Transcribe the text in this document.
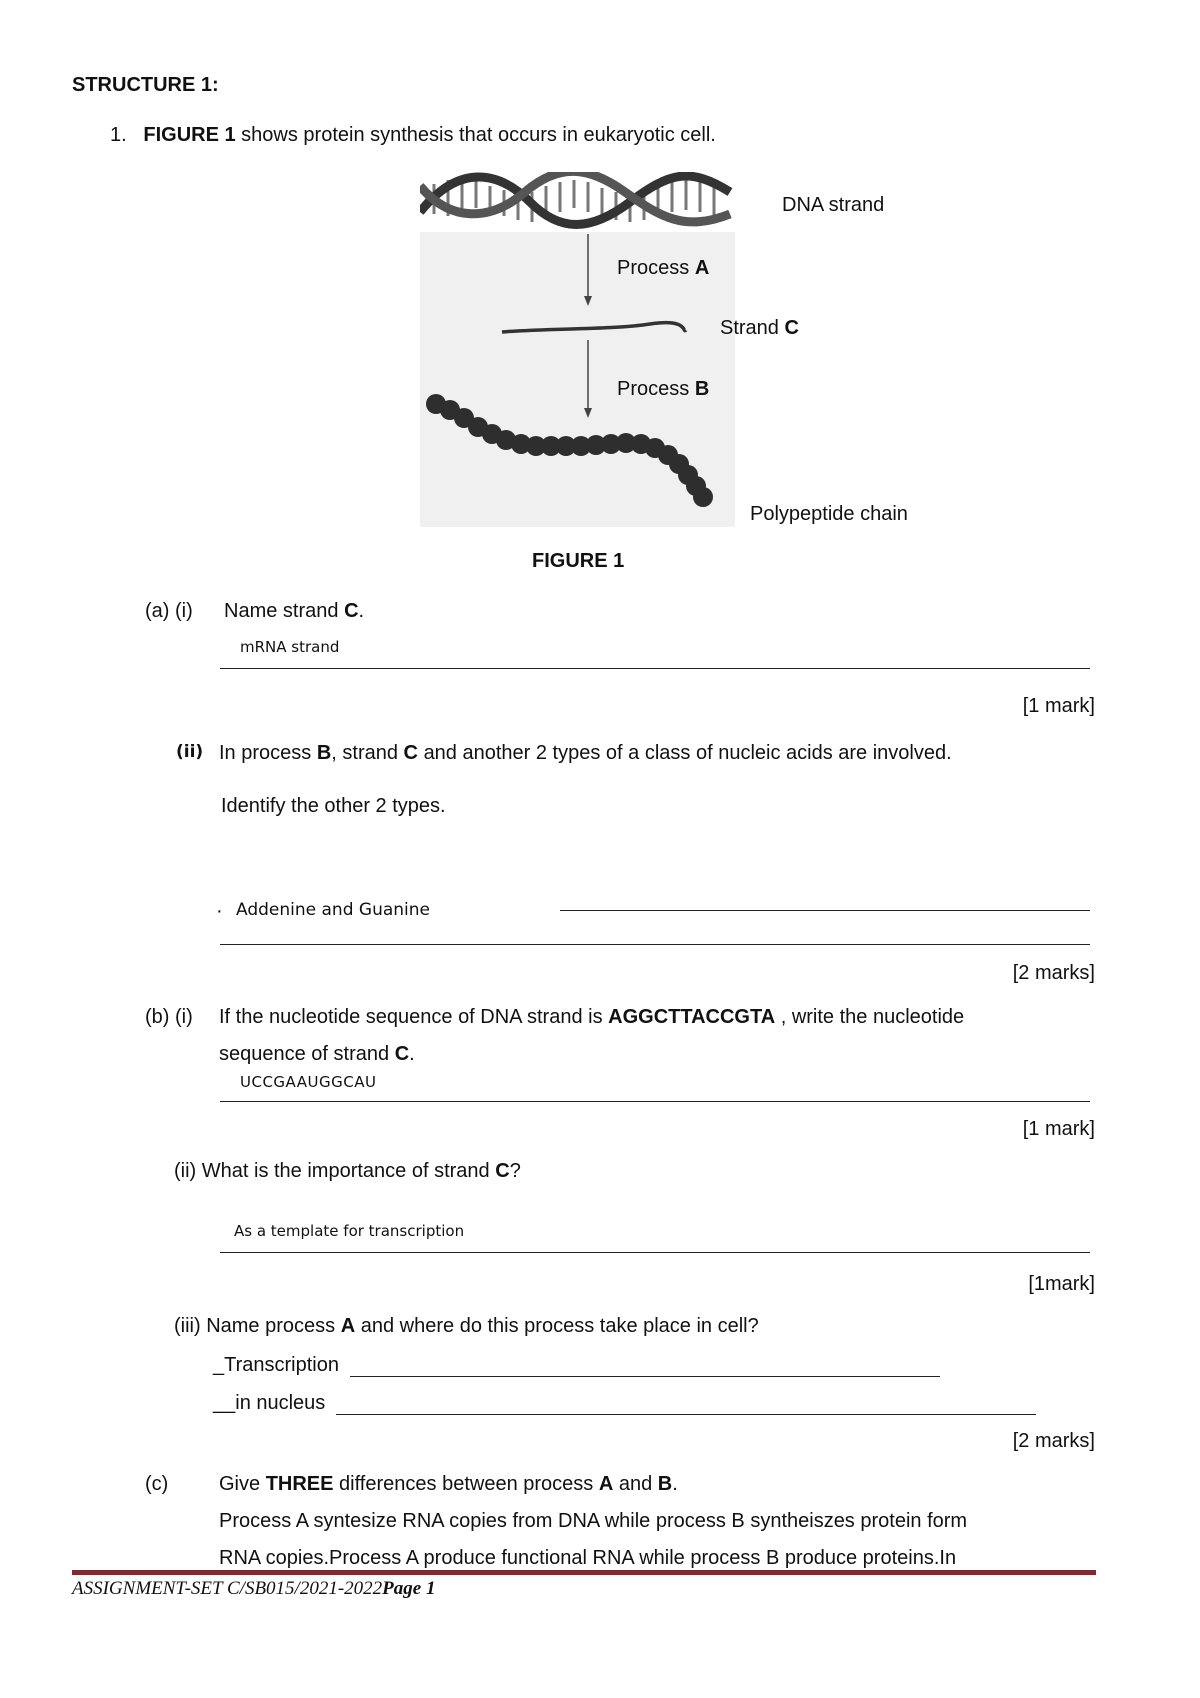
STRUCTURE 1:
1. FIGURE 1 shows protein synthesis that occurs in eukaryotic cell.
DNA strand
Process A
Strand C
Process B
Polypeptide chain
FIGURE 1
(a) (i) Name strand C.
mRNA strand
[1 mark]
(ii) In process B, strand C and another 2 types of a class of nucleic acids are involved.
Identify the other 2 types.
· Addenine and Guanine
[2 marks]
(b) (i) If the nucleotide sequence of DNA strand is AGGCTTACCGTA , write the nucleotide
sequence of strand C.
UCCGAAUGGCAU
[1 mark]
(ii) What is the importance of strand C?
As a template for transcription
[1mark]
(iii) Name process A and where do this process take place in cell?
_Transcription
__in nucleus
[2 marks]
(c)	Give THREE differences between process A and B.
Process A syntesize RNA copies from DNA while process B syntheiszes protein form
RNA copies.Process A produce functional RNA while process B produce proteins.In
ASSIGNMENT-SET C/SB015/2021-2022Page 1
